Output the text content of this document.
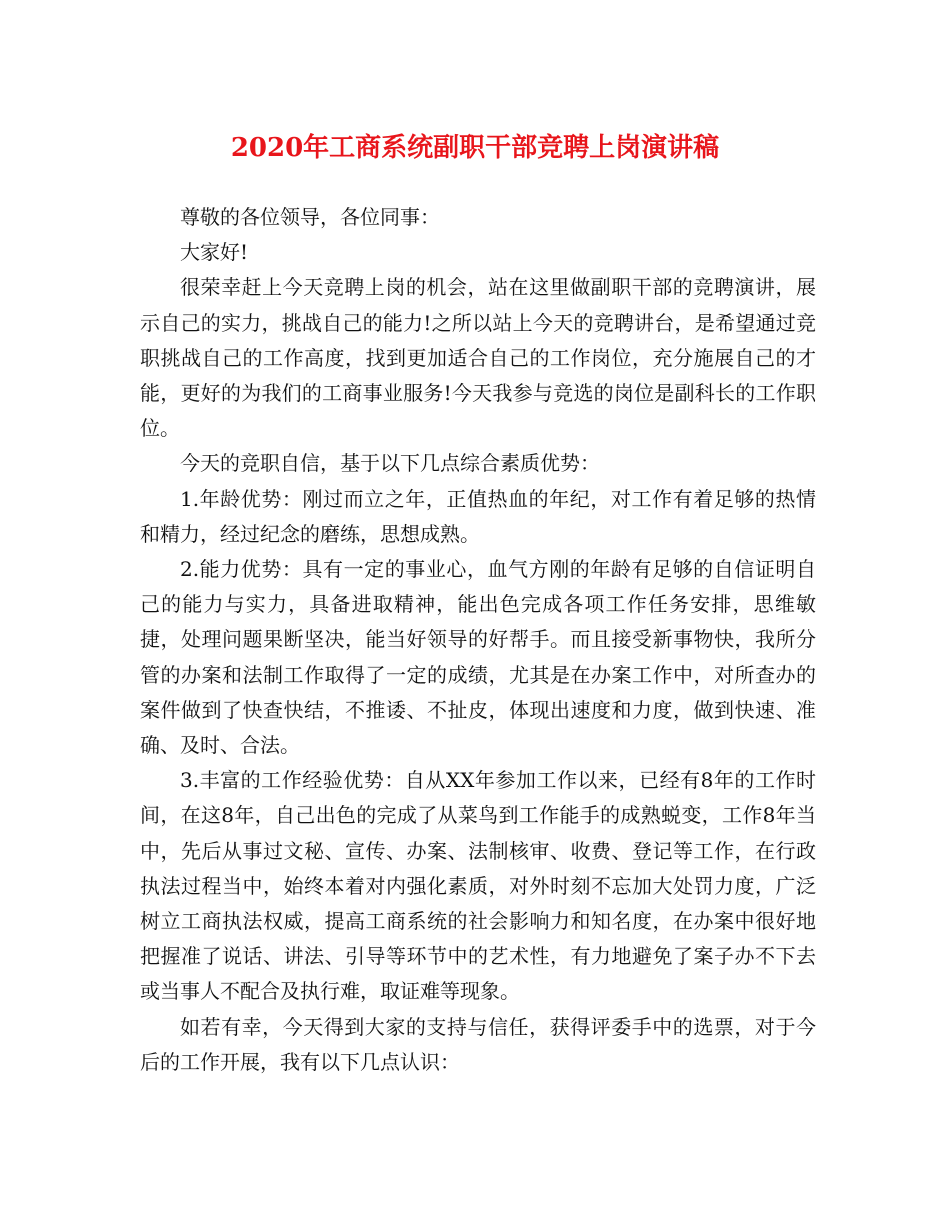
2020年工商系统副职干部竞聘上岗演讲稿

尊敬的各位领导，各位同事：

大家好!

很荣幸赶上今天竞聘上岗的机会，站在这里做副职干部的竞聘演讲，展示自己的实力，挑战自己的能力!之所以站上今天的竞聘讲台，是希望通过竞职挑战自己的工作高度，找到更加适合自己的工作岗位，充分施展自己的才能，更好的为我们的工商事业服务!今天我参与竞选的岗位是副科长的工作职位。

今天的竞职自信，基于以下几点综合素质优势：

1.年龄优势：刚过而立之年，正值热血的年纪，对工作有着足够的热情和精力，经过纪念的磨练，思想成熟。

2.能力优势：具有一定的事业心，血气方刚的年龄有足够的自信证明自己的能力与实力，具备进取精神，能出色完成各项工作任务安排，思维敏捷，处理问题果断坚决，能当好领导的好帮手。而且接受新事物快，我所分管的办案和法制工作取得了一定的成绩，尤其是在办案工作中，对所查办的案件做到了快查快结，不推诿、不扯皮，体现出速度和力度，做到快速、准确、及时、合法。

3.丰富的工作经验优势：自从XX年参加工作以来，已经有8年的工作时间，在这8年，自己出色的完成了从菜鸟到工作能手的成熟蜕变，工作8年当中，先后从事过文秘、宣传、办案、法制核审、收费、登记等工作，在行政执法过程当中，始终本着对内强化素质，对外时刻不忘加大处罚力度，广泛树立工商执法权威，提高工商系统的社会影响力和知名度，在办案中很好地把握准了说话、讲法、引导等环节中的艺术性，有力地避免了案子办不下去或当事人不配合及执行难，取证难等现象。

如若有幸，今天得到大家的支持与信任，获得评委手中的选票，对于今后的工作开展，我有以下几点认识：
